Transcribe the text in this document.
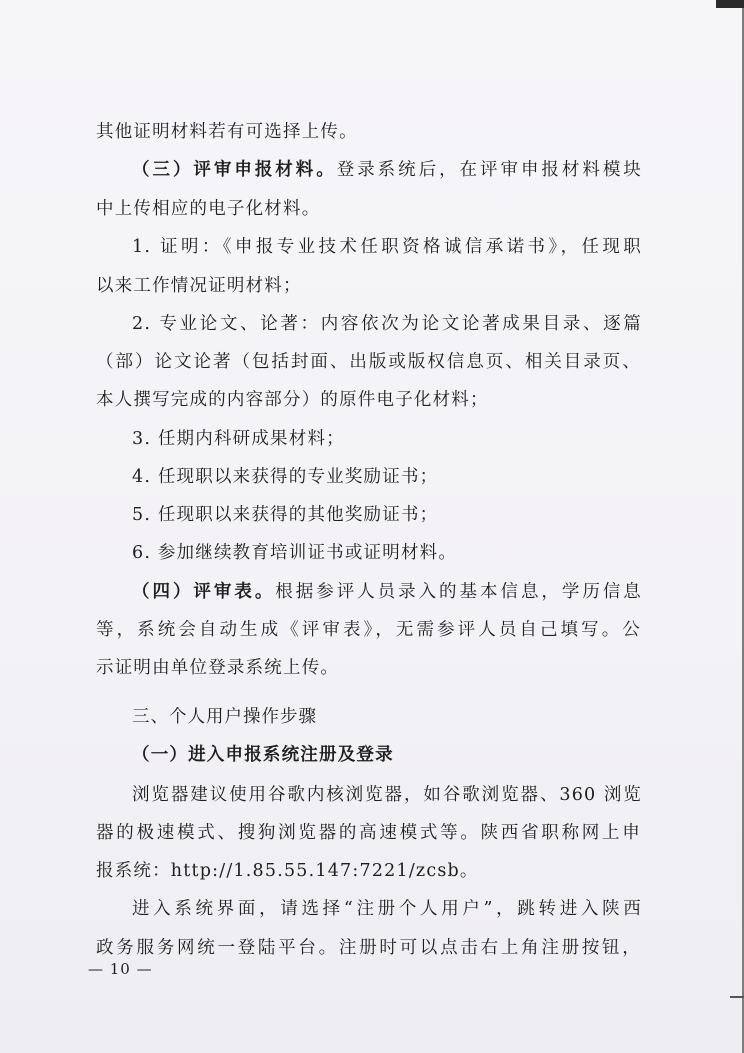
其他证明材料若有可选择上传。
（三）评审申报材料。登录系统后，在评审申报材料模块
中上传相应的电子化材料。
1. 证明：《申报专业技术任职资格诚信承诺书》，任现职
以来工作情况证明材料；
2. 专业论文、论著：内容依次为论文论著成果目录、逐篇
（部）论文论著（包括封面、出版或版权信息页、相关目录页、
本人撰写完成的内容部分）的原件电子化材料；
3. 任期内科研成果材料；
4. 任现职以来获得的专业奖励证书；
5. 任现职以来获得的其他奖励证书；
6. 参加继续教育培训证书或证明材料。
（四）评审表。根据参评人员录入的基本信息，学历信息
等，系统会自动生成《评审表》，无需参评人员自己填写。公
示证明由单位登录系统上传。
三、个人用户操作步骤
（一）进入申报系统注册及登录
浏览器建议使用谷歌内核浏览器，如谷歌浏览器、360 浏览
器的极速模式、搜狗浏览器的高速模式等。陕西省职称网上申
报系统：http://1.85.55.147:7221/zcsb。
进入系统界面，请选择“注册个人用户”，跳转进入陕西
政务服务网统一登陆平台。注册时可以点击右上角注册按钮，
— 10 —
